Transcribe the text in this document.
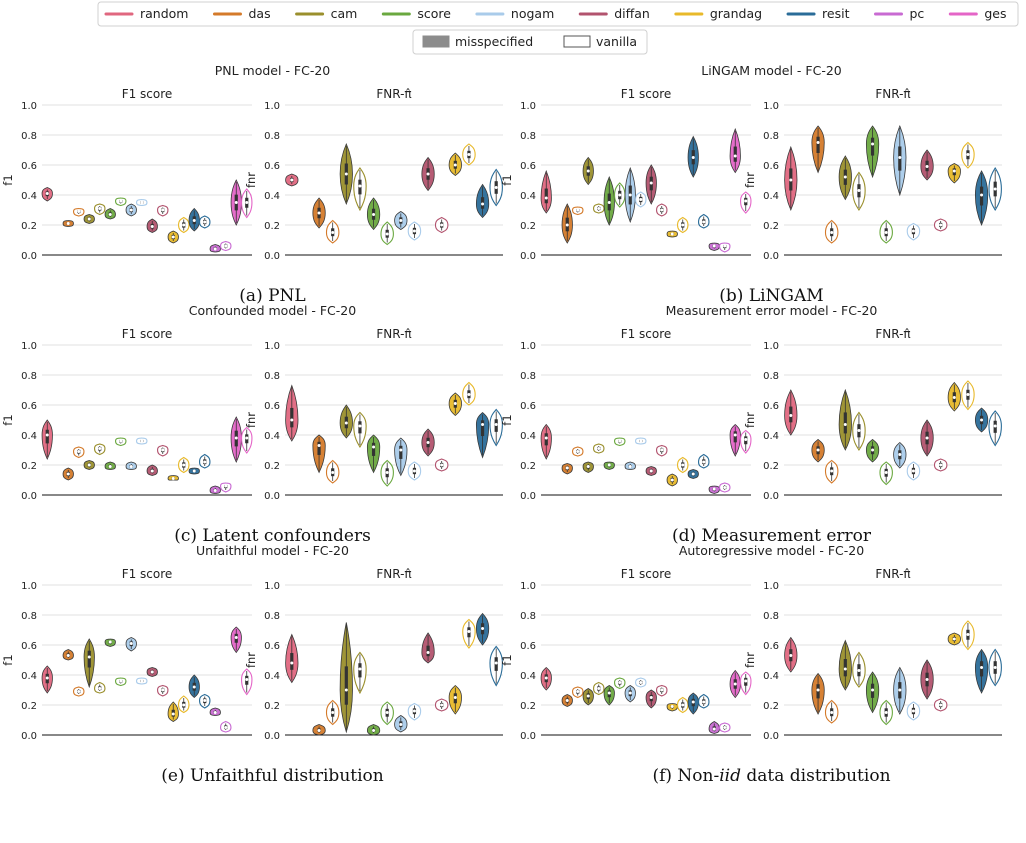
random	das	cam	score	nogam	diffan	grandag	resit	pc	ges
misspecified	vanilla
PNL model - FC-20
0.0
0.2
0.4
0.6
0.8
1.0
f1
F1 score
0.0
0.2
0.4
0.6
0.8
1.0
fnr
FNR-π̂
(a) PNL
LiNGAM model - FC-20
0.0
0.2
0.4
0.6
0.8
1.0
f1
F1 score
0.0
0.2
0.4
0.6
0.8
1.0
fnr
FNR-π̂
(b) LiNGAM
Confounded model - FC-20
0.0
0.2
0.4
0.6
0.8
1.0
f1
F1 score
0.0
0.2
0.4
0.6
0.8
1.0
fnr
FNR-π̂
(c) Latent confounders
Measurement error model - FC-20
0.0
0.2
0.4
0.6
0.8
1.0
f1
F1 score
0.0
0.2
0.4
0.6
0.8
1.0
fnr
FNR-π̂
(d) Measurement error
Unfaithful model - FC-20
0.0
0.2
0.4
0.6
0.8
1.0
f1
F1 score
0.0
0.2
0.4
0.6
0.8
1.0
fnr
FNR-π̂
(e) Unfaithful distribution
Autoregressive model - FC-20
0.0
0.2
0.4
0.6
0.8
1.0
f1
F1 score
0.0
0.2
0.4
0.6
0.8
1.0
fnr
FNR-π̂
(f) Non-iid data distribution
